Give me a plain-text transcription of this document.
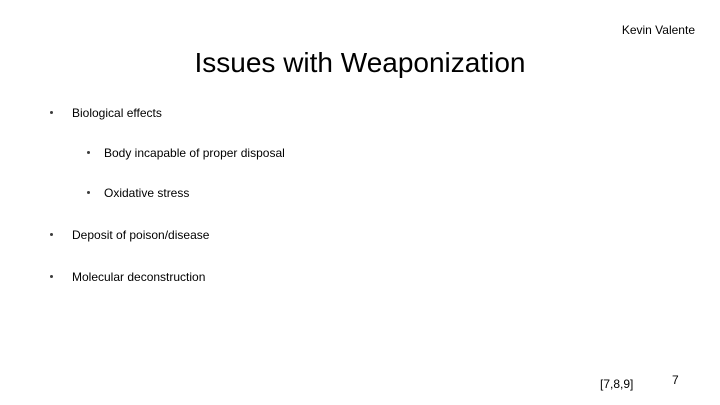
Kevin Valente
Issues with Weaponization
Biological effects
Body incapable of proper disposal
Oxidative stress
Deposit of poison/disease
Molecular deconstruction
[7,8,9]	7
